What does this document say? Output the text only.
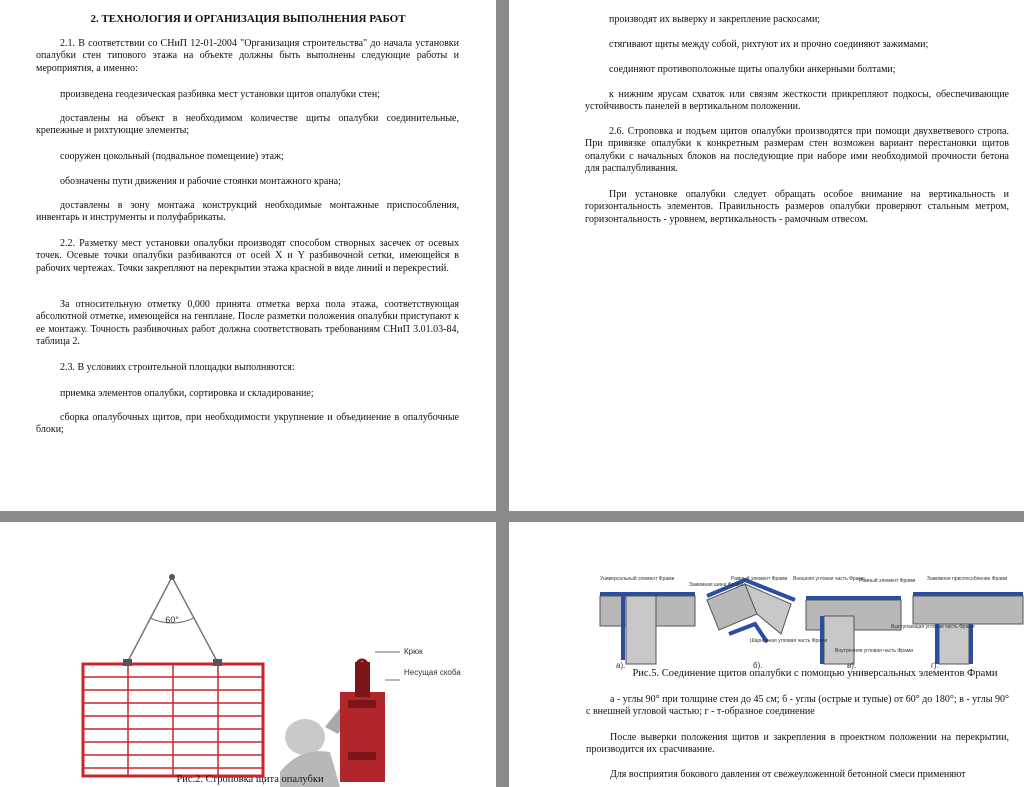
2. ТЕХНОЛОГИЯ И ОРГАНИЗАЦИЯ ВЫПОЛНЕНИЯ РАБОТ
2.1. В соответствии со СНиП 12-01-2004 "Организация строительства" до начала установки опалубки стен типового этажа на объекте должны быть выполнены следующие работы и мероприятия, а именно:
произведена геодезическая разбивка мест установки щитов опалубки стен;
доставлены на объект в необходимом количестве щиты опалубки соединительные, крепежные и рихтующие элементы;
сооружен цокольный (подвальное помещение) этаж;
обозначены пути движения и рабочие стоянки монтажного крана;
доставлены в зону монтажа конструкций необходимые монтажные приспособления, инвентарь и инструменты и полуфабрикаты.
2.2. Разметку мест установки опалубки производят способом створных засечек от осевых точек. Осевые точки опалубки разбиваются от осей X и Y разбивочной сетки, имеющейся в рабочих чертежах. Точки закрепляют на перекрытии этажа красной в виде линий и перекрестий.
За относительную отметку 0,000 принята отметка верха пола этажа, соответствующая абсолютной отметке, имеющейся на генплане. После разметки положения опалубки приступают к ее монтажу. Точность разбивочных работ должна соответствовать требованиям СНиП 3.01.03-84, таблица 2.
2.3. В условиях строительной площадки выполняются:
приемка элементов опалубки, сортировка и складирование;
сборка опалубочных щитов, при необходимости укрупнение и объединение в опалубочные блоки;
производят их выверку и закрепление раскосами;
стягивают щиты между собой, рихтуют их и прочно соединяют зажимами;
соединяют противоположные щиты опалубки анкерными болтами;
к нижним ярусам схваток или связям жесткости прикрепляют подкосы, обеспечивающие устойчивость панелей в вертикальном положении.
2.6. Строповка и подъем щитов опалубки производятся при помощи двухветвевого стропа. При привязке опалубки к конкретным размерам стен возможен вариант перестановки щитов опалубки с начальных блоков на последующие при наборе ими необходимой прочности бетона для распалубливания.
При установке опалубки следует обращать особое внимание на вертикальность и горизонтальность элементов. Правильность размеров опалубки проверяют стальным метром, горизонтальность - уровнем, вертикальность - рамочным отвесом.
60°
Крюк
Несущая скоба
Рис.2. Строповка щита опалубки
Универсальный элемент Фрами
Зажимная шина Фрами
Рамный элемент Фрами Внешняя угловая часть Фрами
Рамный элемент Фрами Зажимное приспособление Фрами
Шарнирная угловая часть Фрами
Внутренняя угловая часть Фрами
Выступающая угловая часть Фрами
а).	б).	в).	г).
Рис.5. Соединение щитов опалубки с помощью универсальных элементов Фрами
а - углы 90° при толщине стен до 45 см; б - углы (острые и тупые) от 60° до 180°; в - углы 90° с внешней угловой частью; г - т-образное соединение
После выверки положения щитов и закрепления в проектном положении на перекрытии, производится их срасчивание.
Для восприятия бокового давления от свежеуложенной бетонной смеси применяют
